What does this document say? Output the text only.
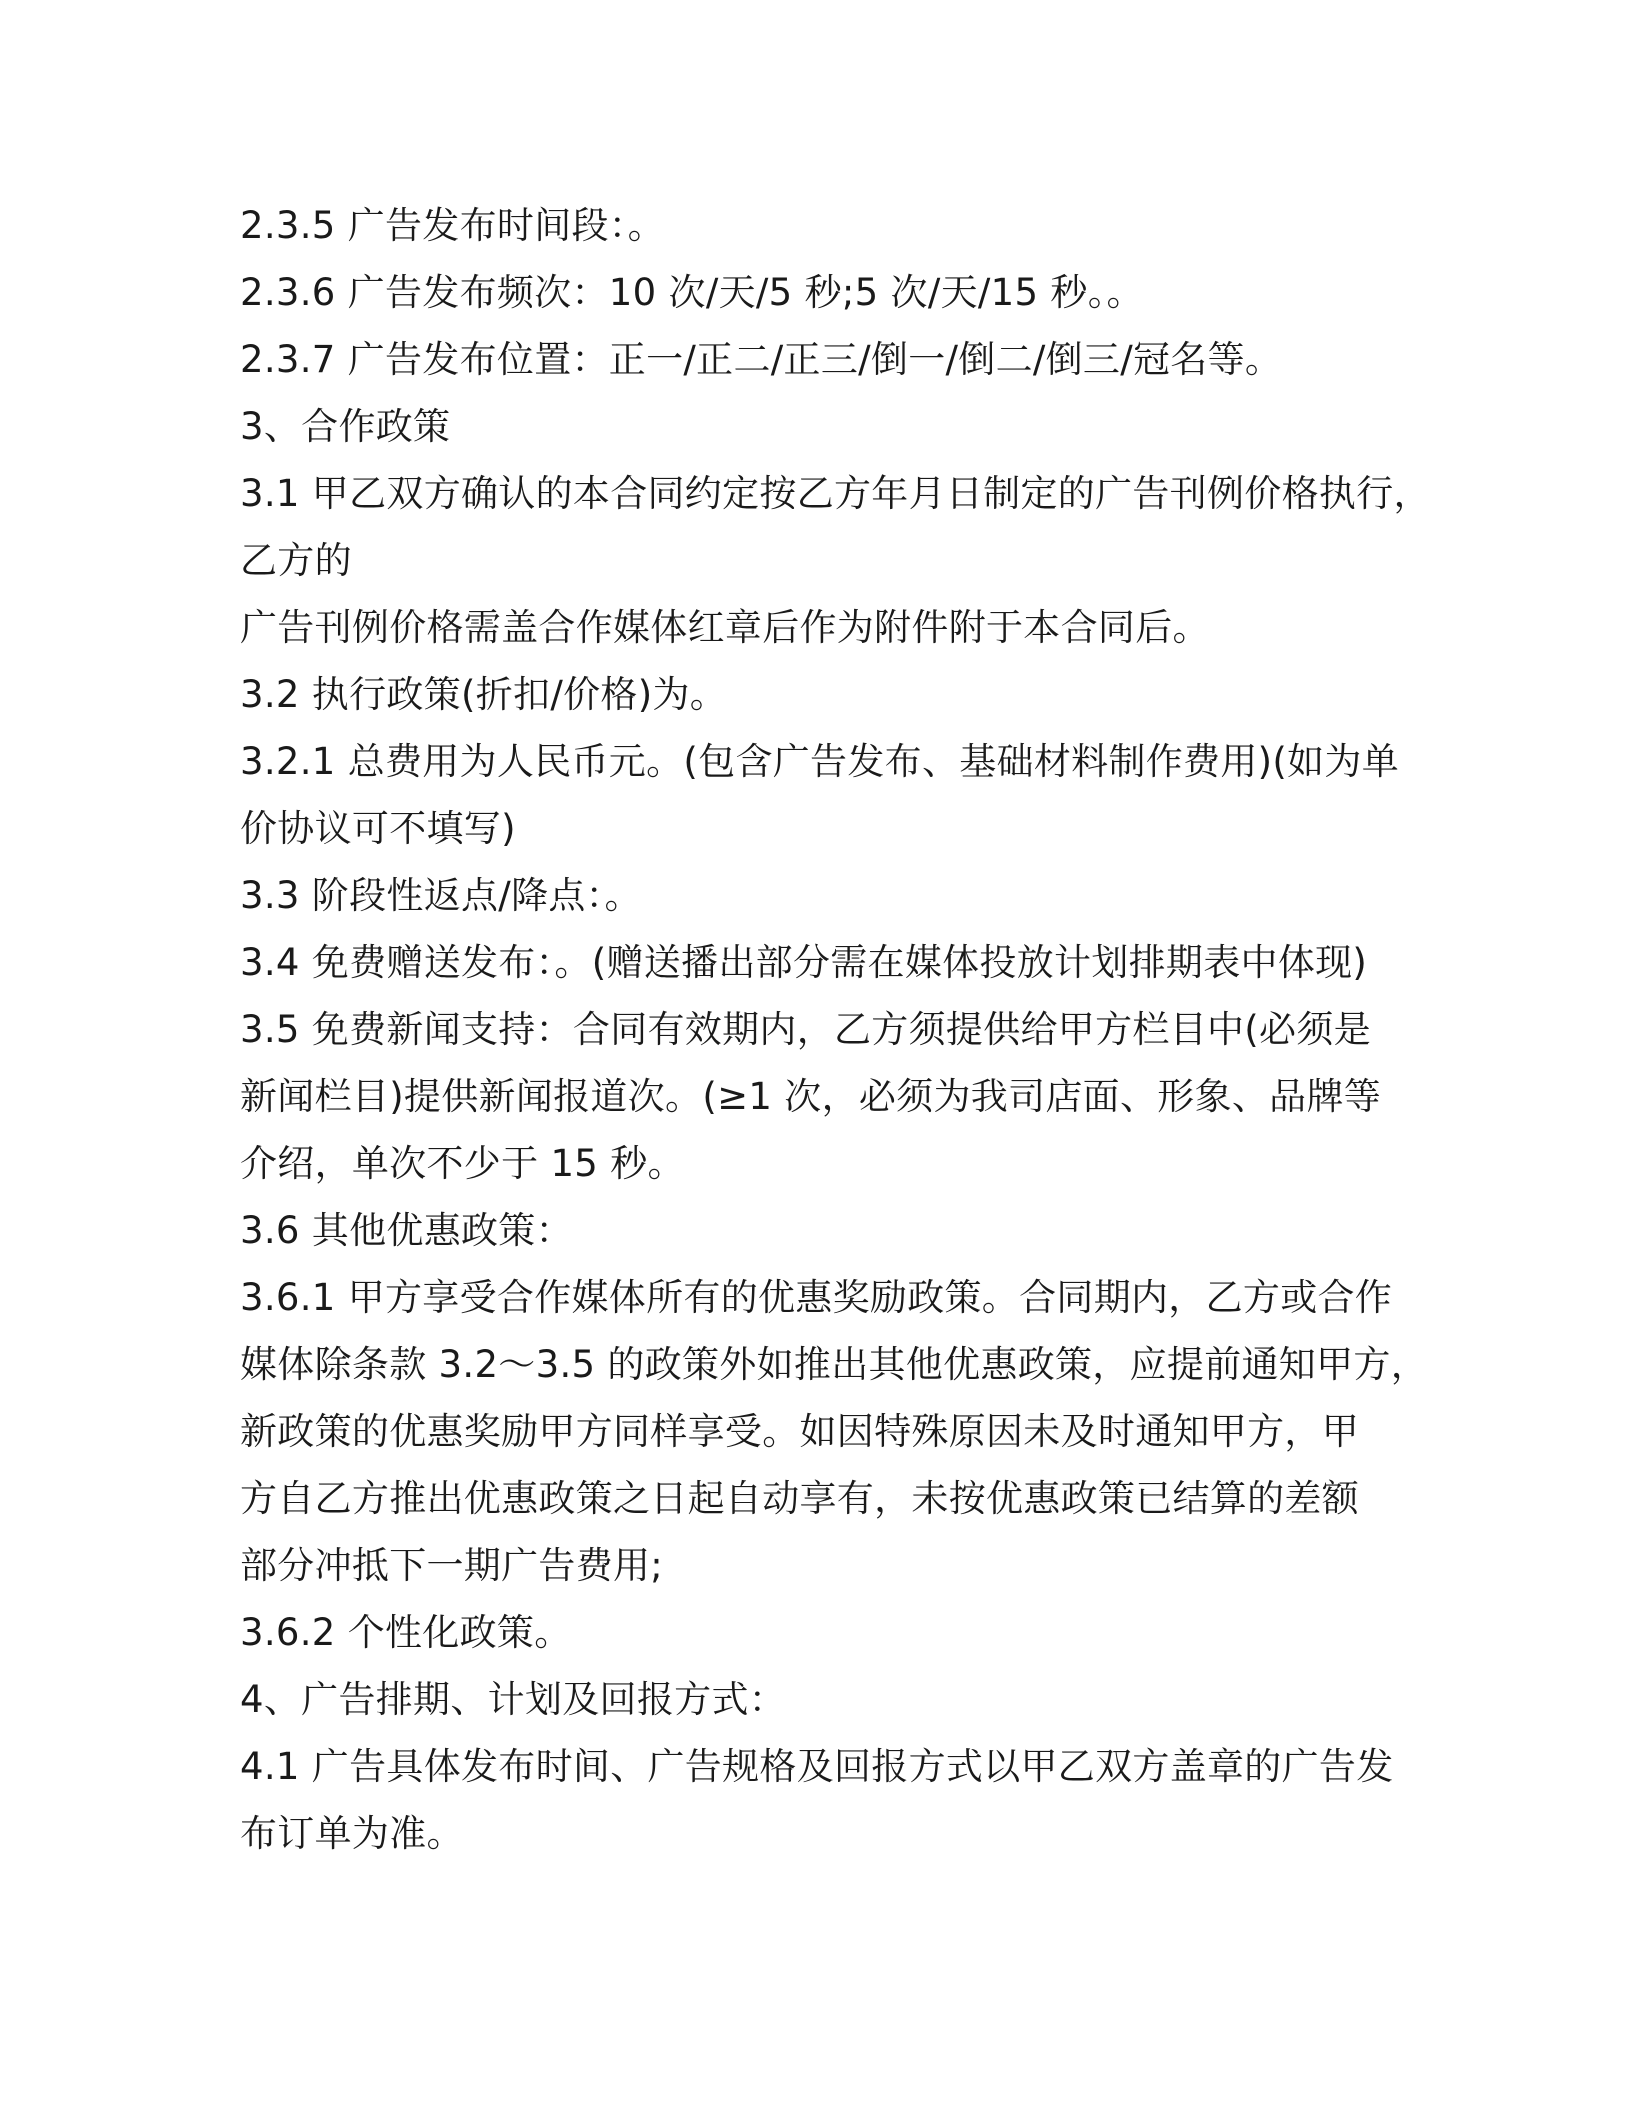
2.3.5 广告发布时间段：。
2.3.6 广告发布频次：10 次/天/5 秒;5 次/天/15 秒。。
2.3.7 广告发布位置：正一/正二/正三/倒一/倒二/倒三/冠名等。
3、合作政策
3.1 甲乙双方确认的本合同约定按乙方年月日制定的广告刊例价格执行，
乙方的
广告刊例价格需盖合作媒体红章后作为附件附于本合同后。
3.2 执行政策(折扣/价格)为。
3.2.1 总费用为人民币元。(包含广告发布、基础材料制作费用)(如为单
价协议可不填写)
3.3 阶段性返点/降点：。
3.4 免费赠送发布：。(赠送播出部分需在媒体投放计划排期表中体现)
3.5 免费新闻支持：合同有效期内，乙方须提供给甲方栏目中(必须是
新闻栏目)提供新闻报道次。(≥1 次，必须为我司店面、形象、品牌等
介绍，单次不少于 15 秒。
3.6 其他优惠政策：
3.6.1 甲方享受合作媒体所有的优惠奖励政策。合同期内，乙方或合作
媒体除条款 3.2～3.5 的政策外如推出其他优惠政策，应提前通知甲方，
新政策的优惠奖励甲方同样享受。如因特殊原因未及时通知甲方，甲
方自乙方推出优惠政策之日起自动享有，未按优惠政策已结算的差额
部分冲抵下一期广告费用;
3.6.2 个性化政策。
4、广告排期、计划及回报方式：
4.1 广告具体发布时间、广告规格及回报方式以甲乙双方盖章的广告发
布订单为准。
